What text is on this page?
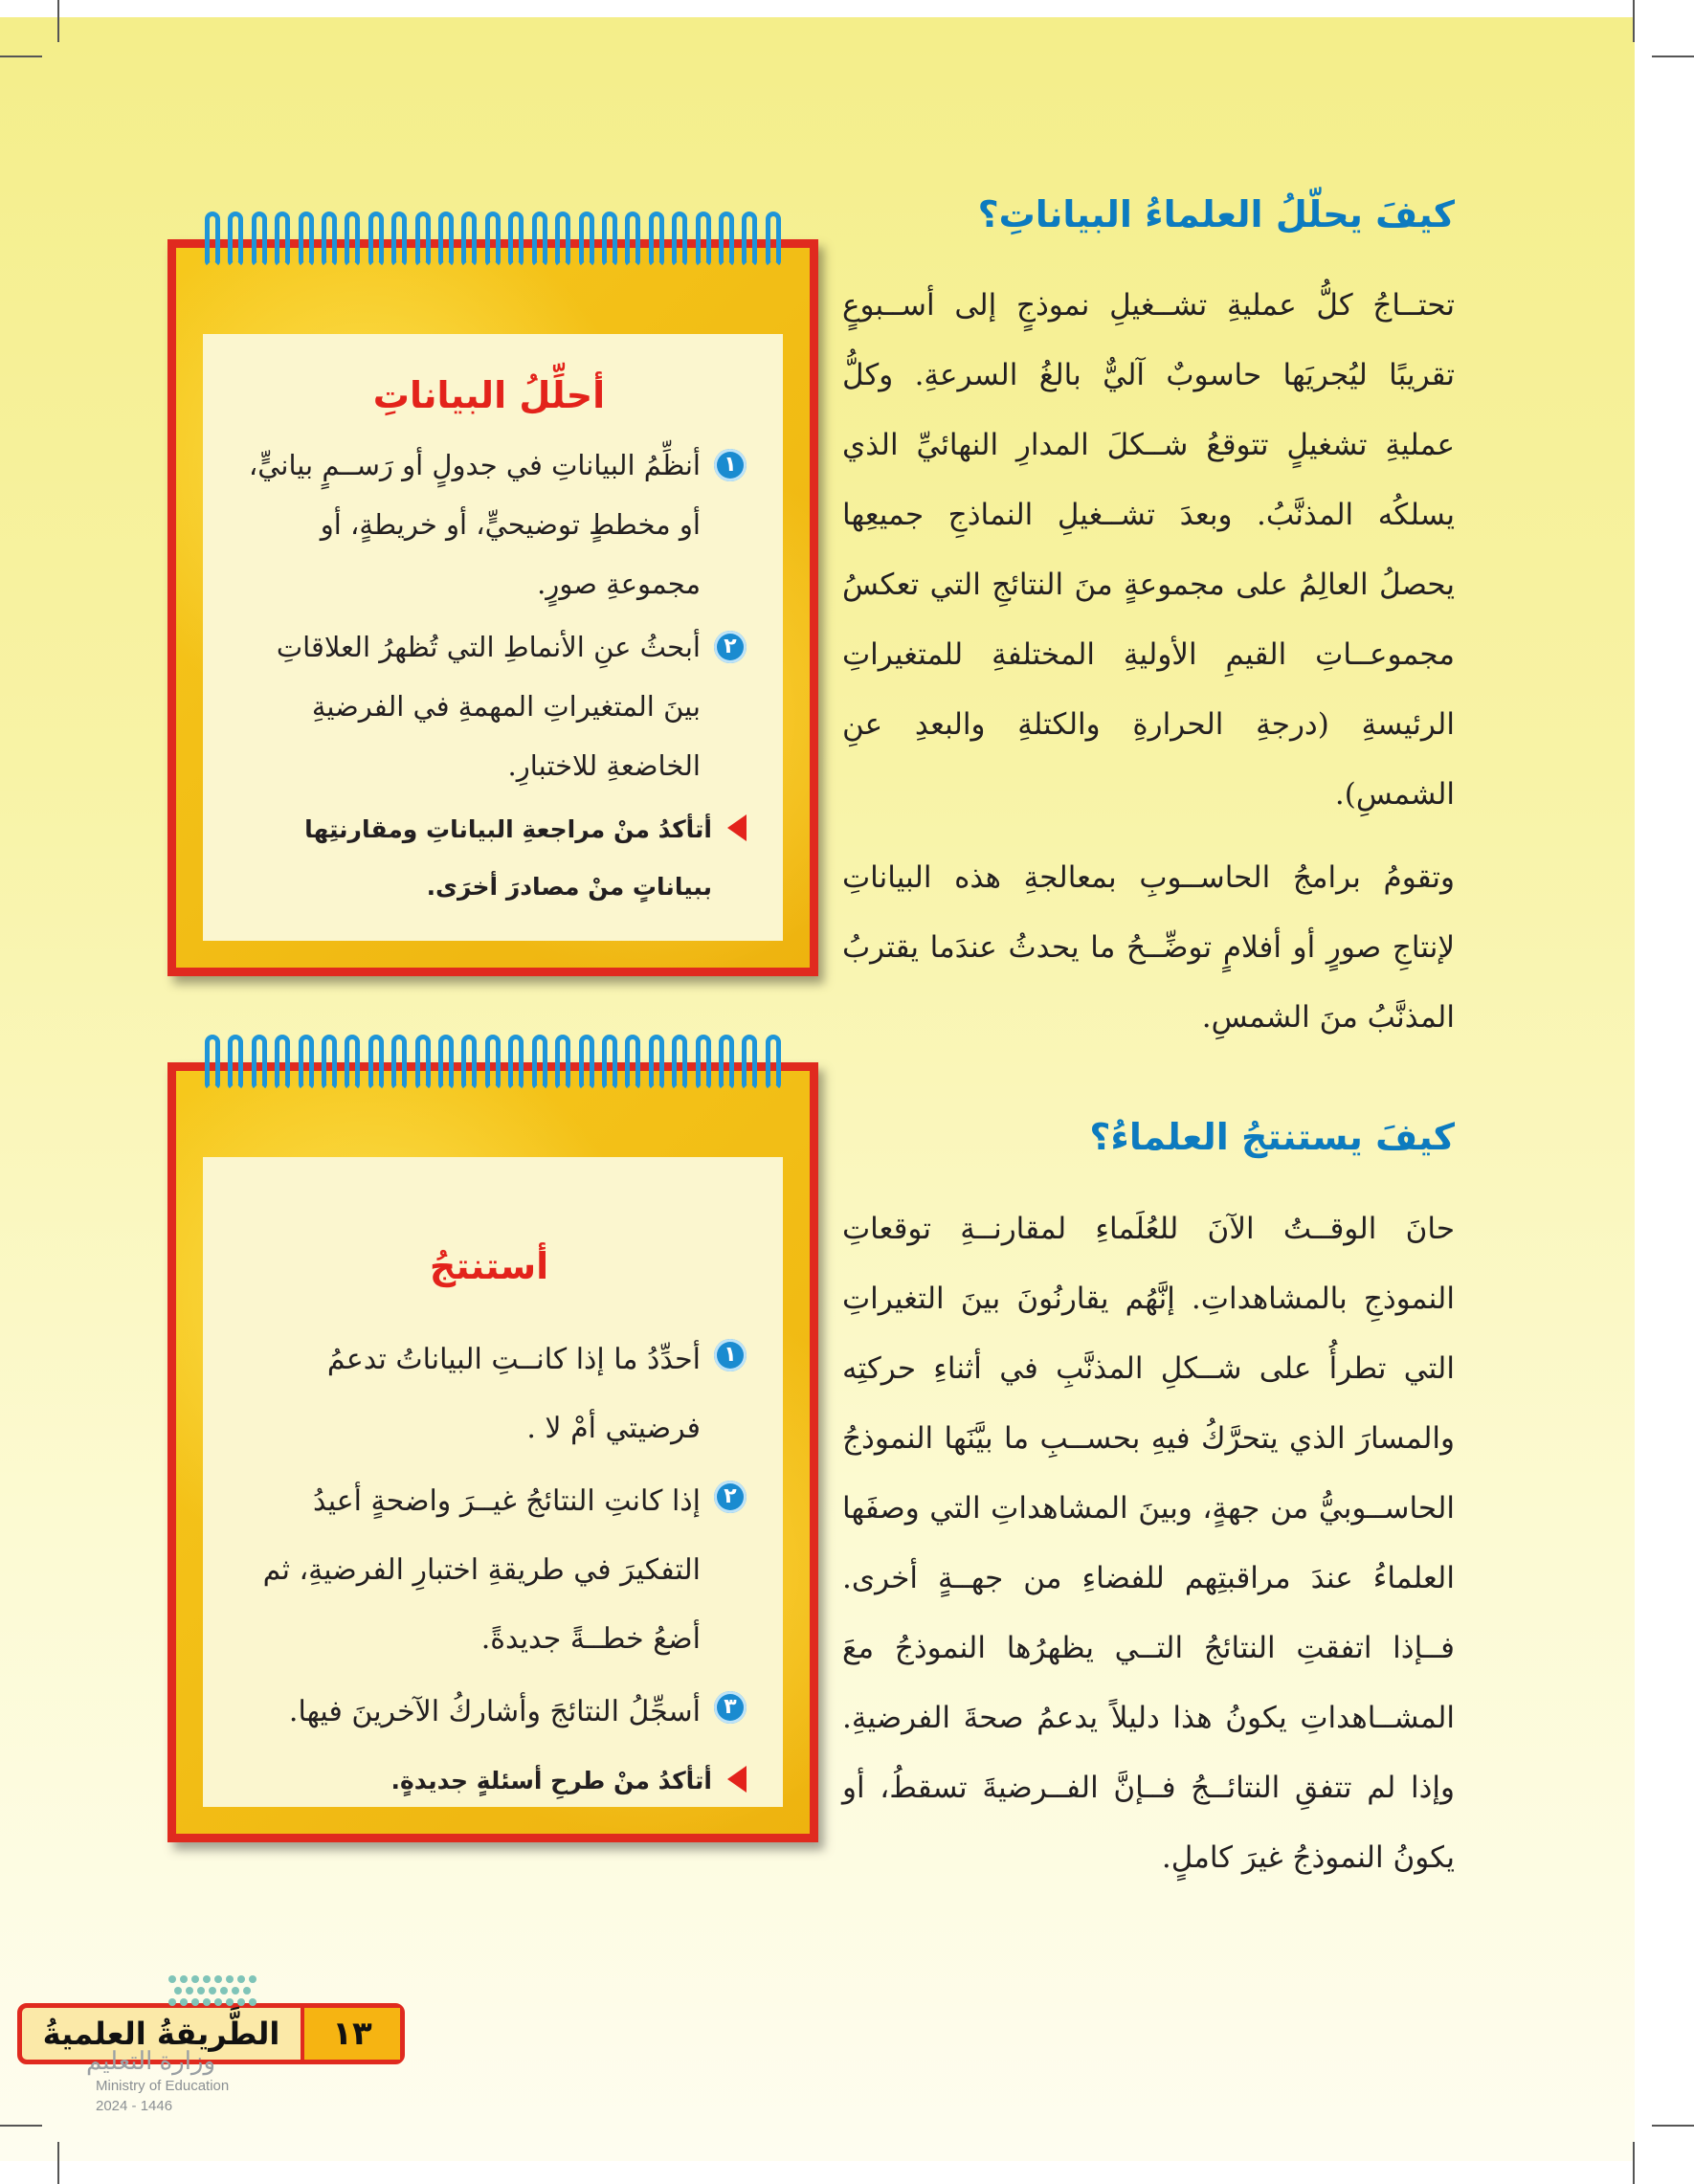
كيفَ يحلّلُ العلماءُ البياناتِ؟

تحتــاجُ كلُّ عمليةِ تشــغيلِ نموذجٍ إلى أســبوعٍ تقريبًا ليُجريَها حاسوبٌ آليٌّ بالغُ السرعةِ. وكلُّ عمليةِ تشغيلٍ تتوقعُ شــكلَ المدارِ النهائيِّ الذي يسلكُه المذنَّبُ. وبعدَ تشــغيلِ النماذجِ جميعِها يحصلُ العالِمُ على مجموعةٍ منَ النتائجِ التي تعكسُ مجموعــاتِ القيمِ الأوليةِ المختلفةِ للمتغيراتِ الرئيسةِ (درجةِ الحرارةِ والكتلةِ والبعدِ عنِ الشمسِ).

وتقومُ برامجُ الحاســوبِ بمعالجةِ هذه البياناتِ لإنتاجِ صورٍ أو أفلامٍ توضِّــحُ ما يحدثُ عندَما يقتربُ المذنَّبُ منَ الشمسِ.

كيفَ يستنتجُ العلماءُ؟

حانَ الوقــتُ الآنَ للعُلَماءِ لمقارنــةِ توقعاتِ النموذجِ بالمشاهداتِ. إنَّهُم يقارنُونَ بينَ التغيراتِ التي تطرأُ على شــكلِ المذنَّبِ في أثناءِ حركتِه والمسارَ الذي يتحرَّكُ فيهِ بحســبِ ما بيَّنَها النموذجُ الحاســوبيُّ من جهةٍ، وبينَ المشاهداتِ التي وصفَها العلماءُ عندَ مراقبتِهم للفضاءِ من جهــةٍ أخرى. فــإذا اتفقتِ النتائجُ التــي يظهرُها النموذجُ معَ المشــاهداتِ يكونُ هذا دليلاً يدعمُ صحةَ الفرضيةِ. وإذا لم تتفقِ النتائــجُ فــإنَّ الفــرضيةَ تسقطُ، أو يكونُ النموذجُ غيرَ كاملٍ.

أحلِّلُ البياناتِ
١
أنظِّمُ البياناتِ في جدولٍ أو رَســمٍ بيانيٍّ، أو مخططٍ توضيحيٍّ، أو خريطةٍ، أو مجموعةِ صورٍ.
٢
أبحثُ عنِ الأنماطِ التي تُظهرُ العلاقاتِ بينَ المتغيراتِ المهمةِ في الفرضيةِ الخاضعةِ للاختبارِ.
أتأكدُ منْ مراجعةِ البياناتِ ومقارنتِها ببياناتٍ منْ مصادرَ أخرَى.
أستنتجُ
١
أحدِّدُ ما إذا كانــتِ البياناتُ تدعمُ فرضيتي أمْ لا .
٢
إذا كانتِ النتائجُ غيــرَ واضحةٍ أعيدُ التفكيرَ في طريقةِ اختبارِ الفرضيةِ، ثم أضعُ خطــةً جديدةً.
٣
أسجِّلُ النتائجَ وأشاركُ الآخرينَ فيها.
أتأكدُ منْ طرحِ أسئلةٍ جديدةٍ.
١٣
الطَّريقةُ العلميةُ
وزارة التعليم
Ministry of Education
2024 - 1446
